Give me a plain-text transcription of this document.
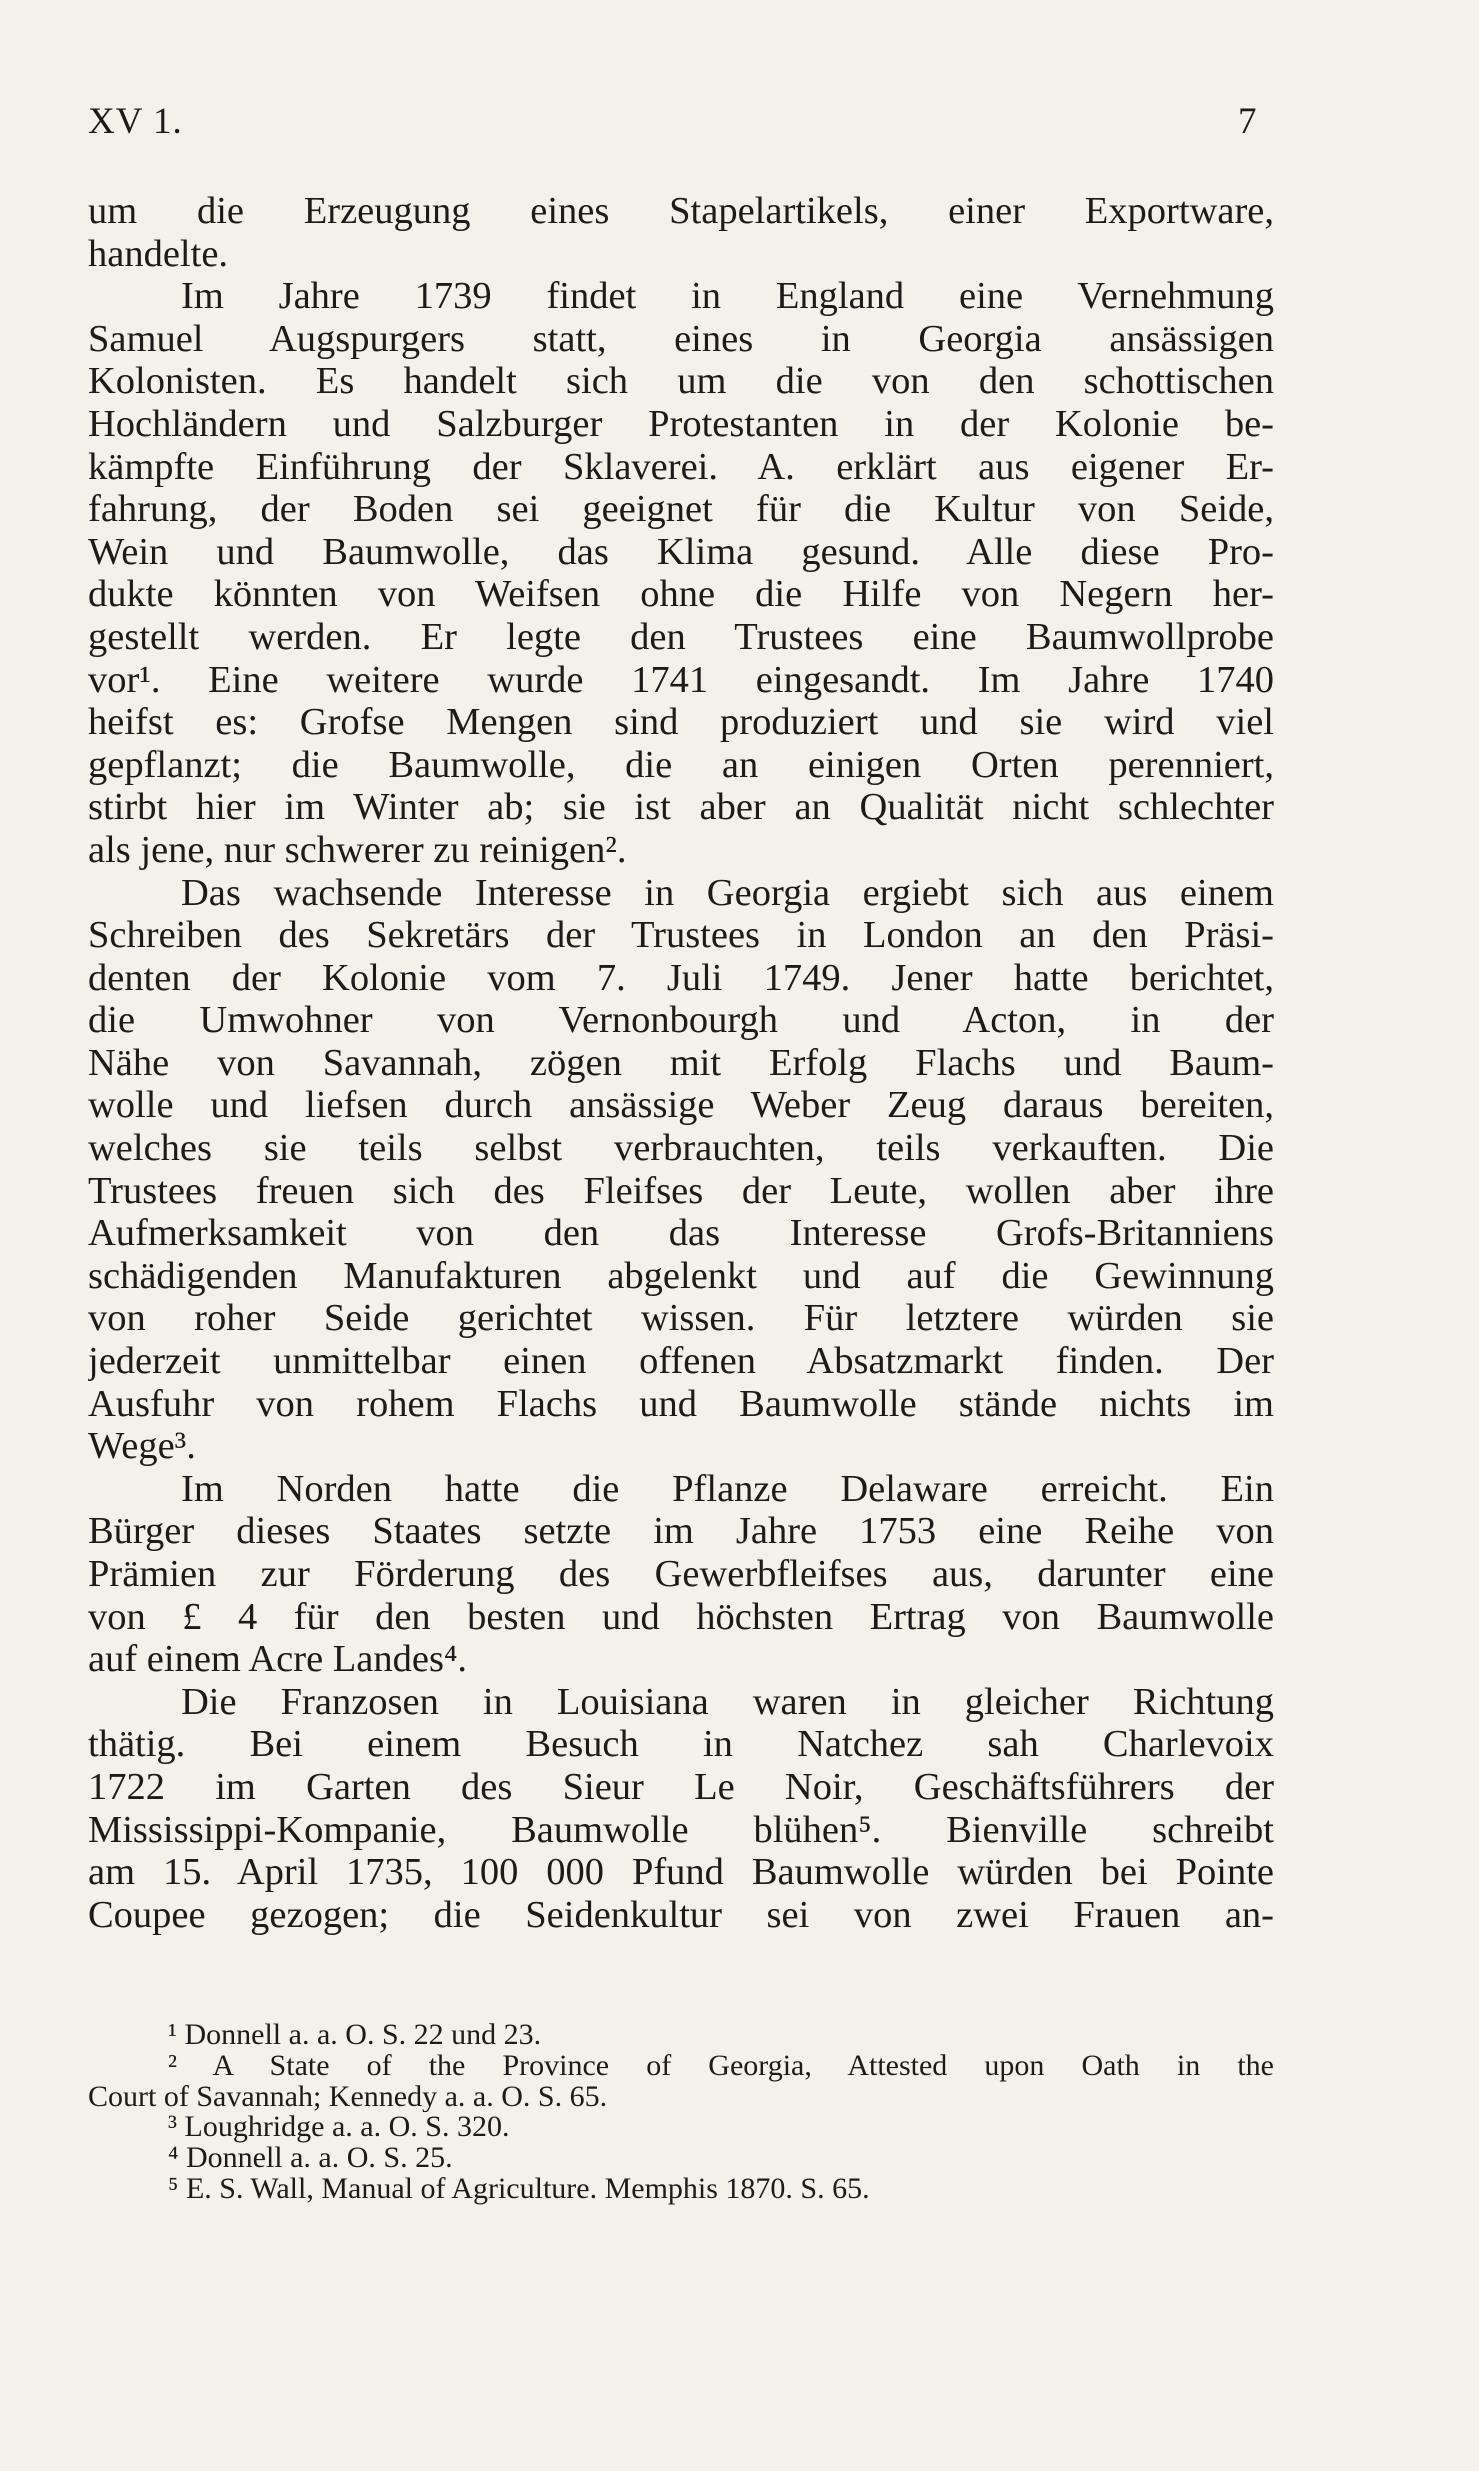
XV 1.	7
um die Erzeugung eines Stapelartikels, einer Exportware,
handelte.
Im Jahre 1739 findet in England eine Vernehmung
Samuel Augspurgers statt, eines in Georgia ansässigen
Kolonisten. Es handelt sich um die von den schottischen
Hochländern und Salzburger Protestanten in der Kolonie be-
kämpfte Einführung der Sklaverei. A. erklärt aus eigener Er-
fahrung, der Boden sei geeignet für die Kultur von Seide,
Wein und Baumwolle, das Klima gesund. Alle diese Pro-
dukte könnten von Weifsen ohne die Hilfe von Negern her-
gestellt werden. Er legte den Trustees eine Baumwollprobe
vor¹. Eine weitere wurde 1741 eingesandt. Im Jahre 1740
heifst es: Grofse Mengen sind produziert und sie wird viel
gepflanzt; die Baumwolle, die an einigen Orten perenniert,
stirbt hier im Winter ab; sie ist aber an Qualität nicht schlechter
als jene, nur schwerer zu reinigen².
Das wachsende Interesse in Georgia ergiebt sich aus einem
Schreiben des Sekretärs der Trustees in London an den Präsi-
denten der Kolonie vom 7. Juli 1749. Jener hatte berichtet,
die Umwohner von Vernonbourgh und Acton, in der
Nähe von Savannah, zögen mit Erfolg Flachs und Baum-
wolle und liefsen durch ansässige Weber Zeug daraus bereiten,
welches sie teils selbst verbrauchten, teils verkauften. Die
Trustees freuen sich des Fleifses der Leute, wollen aber ihre
Aufmerksamkeit von den das Interesse Grofs-Britanniens
schädigenden Manufakturen abgelenkt und auf die Gewinnung
von roher Seide gerichtet wissen. Für letztere würden sie
jederzeit unmittelbar einen offenen Absatzmarkt finden. Der
Ausfuhr von rohem Flachs und Baumwolle stände nichts im
Wege³.
Im Norden hatte die Pflanze Delaware erreicht. Ein
Bürger dieses Staates setzte im Jahre 1753 eine Reihe von
Prämien zur Förderung des Gewerbfleifses aus, darunter eine
von £ 4 für den besten und höchsten Ertrag von Baumwolle
auf einem Acre Landes⁴.
Die Franzosen in Louisiana waren in gleicher Richtung
thätig. Bei einem Besuch in Natchez sah Charlevoix
1722 im Garten des Sieur Le Noir, Geschäftsführers der
Mississippi-Kompanie, Baumwolle blühen⁵. Bienville schreibt
am 15. April 1735, 100 000 Pfund Baumwolle würden bei Pointe
Coupee gezogen; die Seidenkultur sei von zwei Frauen an-
¹ Donnell a. a. O. S. 22 und 23.
² A State of the Province of Georgia, Attested upon Oath in the
Court of Savannah; Kennedy a. a. O. S. 65.
³ Loughridge a. a. O. S. 320.
⁴ Donnell a. a. O. S. 25.
⁵ E. S. Wall, Manual of Agriculture. Memphis 1870. S. 65.
